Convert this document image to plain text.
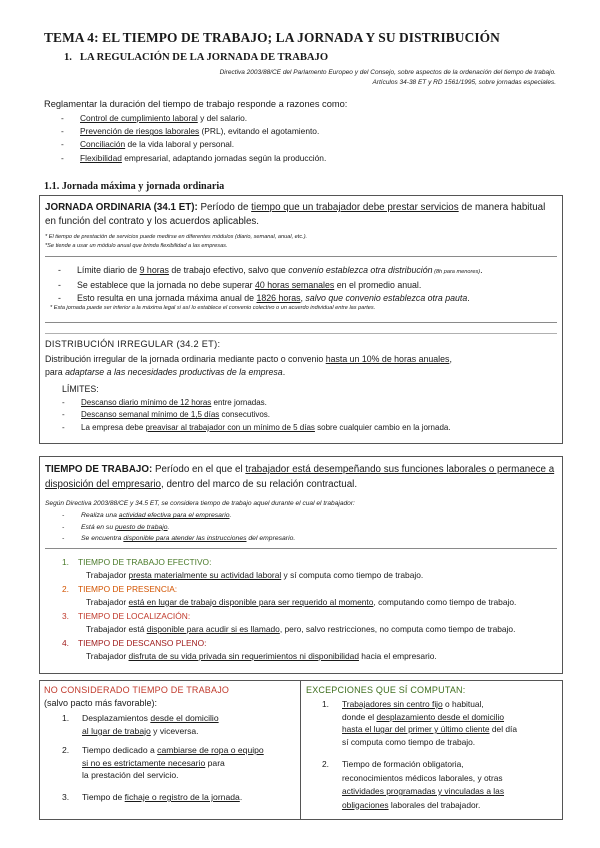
TEMA 4: EL TIEMPO DE TRABAJO; LA JORNADA Y SU DISTRIBUCIÓN
1.   LA REGULACIÓN DE LA JORNADA DE TRABAJO
Directiva 2003/88/CE del Parlamento Europeo y del Consejo, sobre aspectos de la ordenación del tiempo de trabajo.
Artículos 34-38 ET y RD 1561/1995, sobre jornadas especiales.
Reglamentar la duración del tiempo de trabajo responde a razones como:
- Control de cumplimiento laboral y del salario.
- Prevención de riesgos laborales (PRL), evitando el agotamiento.
- Conciliación de la vida laboral y personal.
- Flexibilidad empresarial, adaptando jornadas según la producción.
1.1. Jornada máxima y jornada ordinaria
JORNADA ORDINARIA (34.1 ET): Período de tiempo que un trabajador debe prestar servicios de manera habitual en función del contrato y los acuerdos aplicables.
* El tiempo de prestación de servicios puede medirse en diferentes módulos (diario, semanal, anual, etc.).
*Se tiende a usar un módulo anual que brinda flexibilidad a las empresas.
- Límite diario de 9 horas de trabajo efectivo, salvo que convenio establezca otra distribución (8h para menores).
- Se establece que la jornada no debe superar 40 horas semanales en el promedio anual.
- Esto resulta en una jornada máxima anual de 1826 horas, salvo que convenio establezca otra pauta.
* Esta jornada puede ser inferior a la máxima legal si así lo establece el convenio colectivo o un acuerdo individual entre las partes.
DISTRIBUCIÓN IRREGULAR (34.2 ET):
Distribución irregular de la jornada ordinaria mediante pacto o convenio hasta un 10% de horas anuales,
para adaptarse a las necesidades productivas de la empresa.
LÍMITES:
- Descanso diario mínimo de 12 horas entre jornadas.
- Descanso semanal mínimo de 1,5 días consecutivos.
- La empresa debe preavisar al trabajador con un mínimo de 5 días sobre cualquier cambio en la jornada.
TIEMPO DE TRABAJO: Período en el que el trabajador está desempeñando sus funciones laborales o permanece a disposición del empresario, dentro del marco de su relación contractual.
Según Directiva 2003/88/CE y 34.5 ET, se considera tiempo de trabajo aquel durante el cual el trabajador:
- Realiza una actividad efectiva para el empresario.
- Está en su puesto de trabajo.
- Se encuentra disponible para atender las instrucciones del empresario.
1.	TIEMPO DE TRABAJO EFECTIVO:
Trabajador presta materialmente su actividad laboral y sí computa como tiempo de trabajo.
2.	TIEMPO DE PRESENCIA:
Trabajador está en lugar de trabajo disponible para ser requerido al momento, computando como tiempo de trabajo.
3.	TIEMPO DE LOCALIZACIÓN:
Trabajador está disponible para acudir si es llamado, pero, salvo restricciones, no computa como tiempo de trabajo.
4.	TIEMPO DE DESCANSO PLENO:
Trabajador disfruta de su vida privada sin requerimientos ni disponibilidad hacia el empresario.
NO CONSIDERADO TIEMPO DE TRABAJO
(salvo pacto más favorable):
1.	Desplazamientos desde el domicilio
al lugar de trabajo y viceversa.
2.	Tiempo dedicado a cambiarse de ropa o equipo
si no es estrictamente necesario para
la prestación del servicio.
3.	Tiempo de fichaje o registro de la jornada.
EXCEPCIONES QUE SÍ COMPUTAN:
1.	Trabajadores sin centro fijo o habitual,
donde el desplazamiento desde el domicilio
hasta el lugar del primer y último cliente del día
sí computa como tiempo de trabajo.
2.	Tiempo de formación obligatoria,
reconocimientos médicos laborales, y otras
actividades programadas y vinculadas a las
obligaciones laborales del trabajador.
